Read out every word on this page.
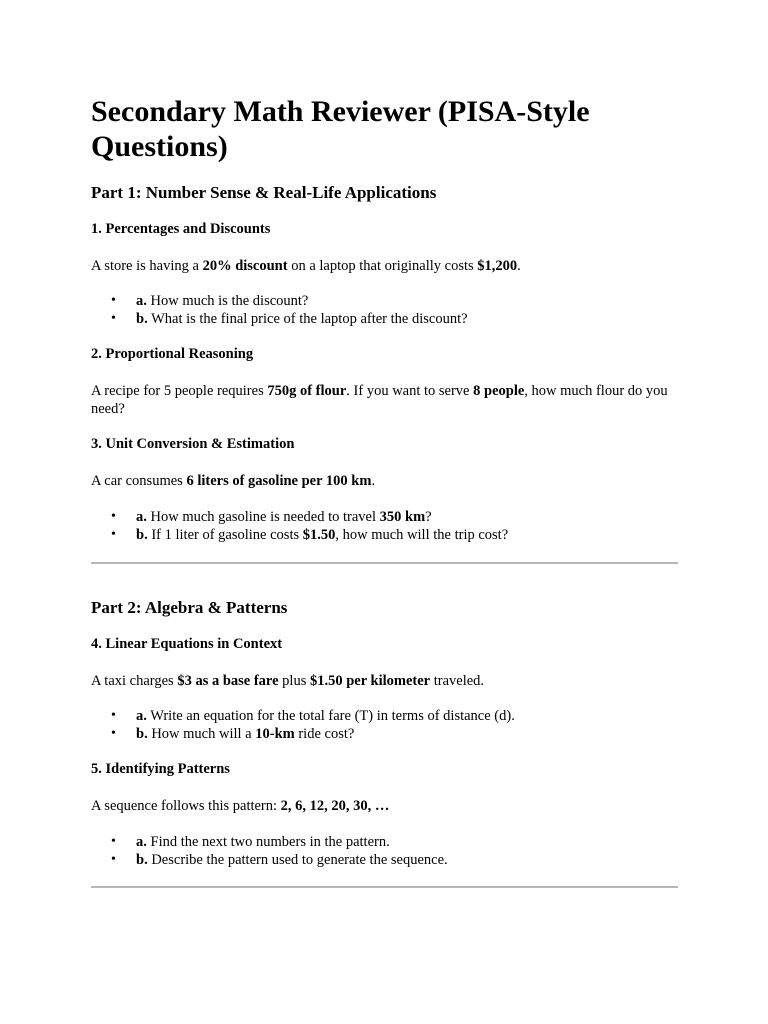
Secondary Math Reviewer (PISA-Style Questions)
Part 1: Number Sense & Real-Life Applications
1. Percentages and Discounts

A store is having a 20% discount on a laptop that originally costs $1,200.

• a. How much is the discount?
• b. What is the final price of the laptop after the discount?
2. Proportional Reasoning

A recipe for 5 people requires 750g of flour. If you want to serve 8 people, how much flour do you need?

3. Unit Conversion & Estimation

A car consumes 6 liters of gasoline per 100 km.

• a. How much gasoline is needed to travel 350 km?
• b. If 1 liter of gasoline costs $1.50, how much will the trip cost?
Part 2: Algebra & Patterns
4. Linear Equations in Context

A taxi charges $3 as a base fare plus $1.50 per kilometer traveled.

• a. Write an equation for the total fare (T) in terms of distance (d).
• b. How much will a 10-km ride cost?
5. Identifying Patterns

A sequence follows this pattern: 2, 6, 12, 20, 30, …

• a. Find the next two numbers in the pattern.
• b. Describe the pattern used to generate the sequence.
